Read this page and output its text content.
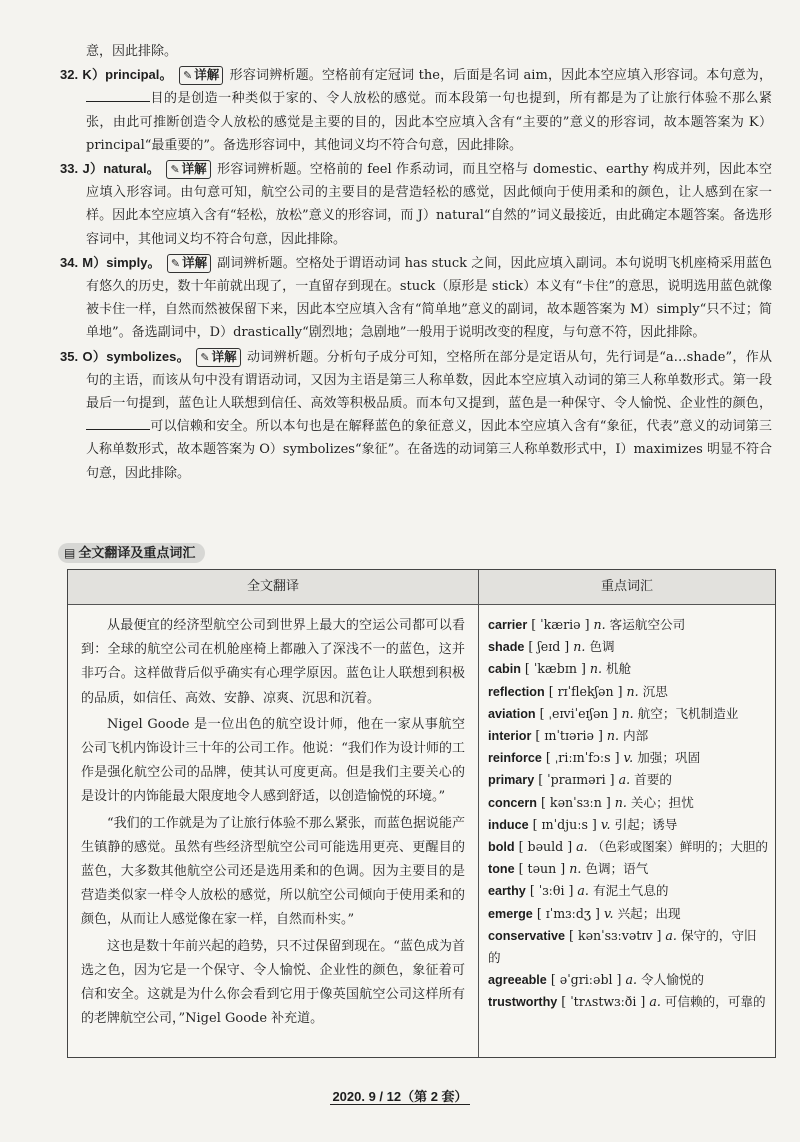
意，因此排除。

32. K）principal。 ✎ 详解 形容词辨析题。空格前有定冠词 the，后面是名词 aim，因此本空应填入形容词。本句意为，目的是创造一种类似于家的、令人放松的感觉。而本段第一句也提到，所有都是为了让旅行体验不那么紧张，由此可推断创造令人放松的感觉是主要的目的，因此本空应填入含有“主要的”意义的形容词，故本题答案为 K）principal“最重要的”。备选形容词中，其他词义均不符合句意，因此排除。

33. J）natural。 ✎ 详解 形容词辨析题。空格前的 feel 作系动词，而且空格与 domestic、earthy 构成并列，因此本空应填入形容词。由句意可知，航空公司的主要目的是营造轻松的感觉，因此倾向于使用柔和的颜色，让人感到在家一样。因此本空应填入含有“轻松，放松”意义的形容词，而 J）natural“自然的”词义最接近，由此确定本题答案。备选形容词中，其他词义均不符合句意，因此排除。

34. M）simply。 ✎ 详解 副词辨析题。空格处于谓语动词 has stuck 之间，因此应填入副词。本句说明飞机座椅采用蓝色有悠久的历史，数十年前就出现了，一直留存到现在。stuck（原形是 stick）本义有“卡住”的意思，说明选用蓝色就像被卡住一样，自然而然被保留下来，因此本空应填入含有“简单地”意义的副词，故本题答案为 M）simply“只不过；简单地”。备选副词中，D）drastically“剧烈地；急剧地”一般用于说明改变的程度，与句意不符，因此排除。

35. O）symbolizes。 ✎ 详解 动词辨析题。分析句子成分可知，空格所在部分是定语从句，先行词是“a…shade”，作从句的主语，而该从句中没有谓语动词，又因为主语是第三人称单数，因此本空应填入动词的第三人称单数形式。第一段最后一句提到，蓝色让人联想到信任、高效等积极品质。而本句又提到，蓝色是一种保守、令人愉悦、企业性的颜色，可以信赖和安全。所以本句也是在解释蓝色的象征意义，因此本空应填入含有“象征，代表”意义的动词第三人称单数形式，故本题答案为 O）symbolizes“象征”。在备选的动词第三人称单数形式中，I）maximizes 明显不符合句意，因此排除。

▤ 全文翻译及重点词汇
全文翻译	重点词汇

从最便宜的经济型航空公司到世界上最大的空运公司都可以看到：全球的航空公司在机舱座椅上都融入了深浅不一的蓝色，这并非巧合。这样做背后似乎确实有心理学原因。蓝色让人联想到积极的品质，如信任、高效、安静、凉爽、沉思和沉着。

Nigel Goode 是一位出色的航空设计师，他在一家从事航空公司飞机内饰设计三十年的公司工作。他说：“我们作为设计师的工作是强化航空公司的品牌，使其认可度更高。但是我们主要关心的是设计的内饰能最大限度地令人感到舒适，以创造愉悦的环境。”

“我们的工作就是为了让旅行体验不那么紧张，而蓝色据说能产生镇静的感觉。虽然有些经济型航空公司可能选用更亮、更醒目的蓝色，大多数其他航空公司还是选用柔和的色调。因为主要目的是营造类似家一样令人放松的感觉，所以航空公司倾向于使用柔和的颜色，从而让人感觉像在家一样，自然而朴实。”

这也是数十年前兴起的趋势，只不过保留到现在。“蓝色成为首选之色，因为它是一个保守、令人愉悦、企业性的颜色，象征着可信和安全。这就是为什么你会看到它用于像英国航空公司这样所有的老牌航空公司，”Nigel Goode 补充道。

carrier [ ˈkæriə ] n. 客运航空公司

shade [ ʃeɪd ] n. 色调

cabin [ ˈkæbɪn ] n. 机舱

reflection [ rɪˈflekʃən ] n. 沉思

aviation [ ˌeɪviˈeɪʃən ] n. 航空；飞机制造业

interior [ ɪnˈtɪəriə ] n. 内部

reinforce [ ˌriːɪnˈfɔːs ] v. 加强；巩固

primary [ ˈpraɪməri ] a. 首要的

concern [ kənˈsɜːn ] n. 关心；担忧

induce [ ɪnˈdjuːs ] v. 引起；诱导

bold [ bəuld ] a. （色彩或图案）鲜明的；大胆的

tone [ təun ] n. 色调；语气

earthy [ ˈɜːθi ] a. 有泥土气息的

emerge [ ɪˈmɜːdʒ ] v. 兴起；出现

conservative [ kənˈsɜːvətɪv ] a. 保守的，守旧的

agreeable [ əˈgriːəbl ] a. 令人愉悦的

trustworthy [ ˈtrʌstwɜːði ] a. 可信赖的，可靠的

2020. 9 / 12（第 2 套）
